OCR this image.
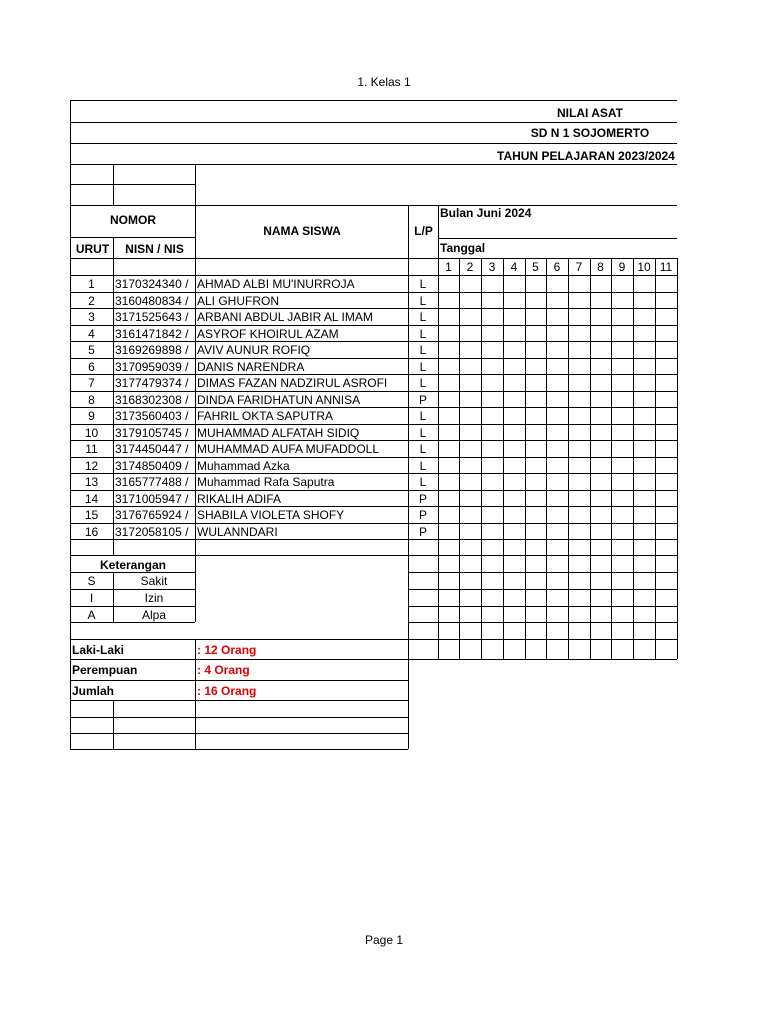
1. Kelas 1
Page 1
NILAI ASAT
SD N 1 SOJOMERTO
TAHUN PELAJARAN 2023/2024
NOMOR
URUT	NISN / NIS
NAMA SISWA	L/P
Bulan Juni 2024
Tanggal
Keterangan
1	2	3	4	5	6	7	8	9 10 11
1	3170324340 / AHMAD ALBI MU'INURROJA	L
2	3160480834 / ALI GHUFRON	L
3	3171525643 / ARBANI ABDUL JABIR AL IMAM	L
4	3161471842 / ASYROF KHOIRUL AZAM	L
5	3169269898 / AVIV AUNUR ROFIQ	L
6	3170959039 / DANIS NARENDRA	L
7	3177479374 / DIMAS FAZAN NADZIRUL ASROFI	L
8	3168302308 / DINDA FARIDHATUN ANNISA	P
9	3173560403 / FAHRIL OKTA SAPUTRA	L
10	3179105745 / MUHAMMAD ALFATAH SIDIQ	L
11	3174450447 / MUHAMMAD AUFA MUFADDOLL	L
12	3174850409 / Muhammad Azka	L
13	3165777488 / Muhammad Rafa Saputra	L
14	3171005947 / RIKALIH ADIFA	P
15	3176765924 / SHABILA VIOLETA SHOFY	P
16	3172058105 / WULANNDARI	P
S	Sakit
I	Izin
A	Alpa
Laki-Laki	: 12 Orang
Perempuan	: 4 Orang
Jumlah	: 16 Orang
